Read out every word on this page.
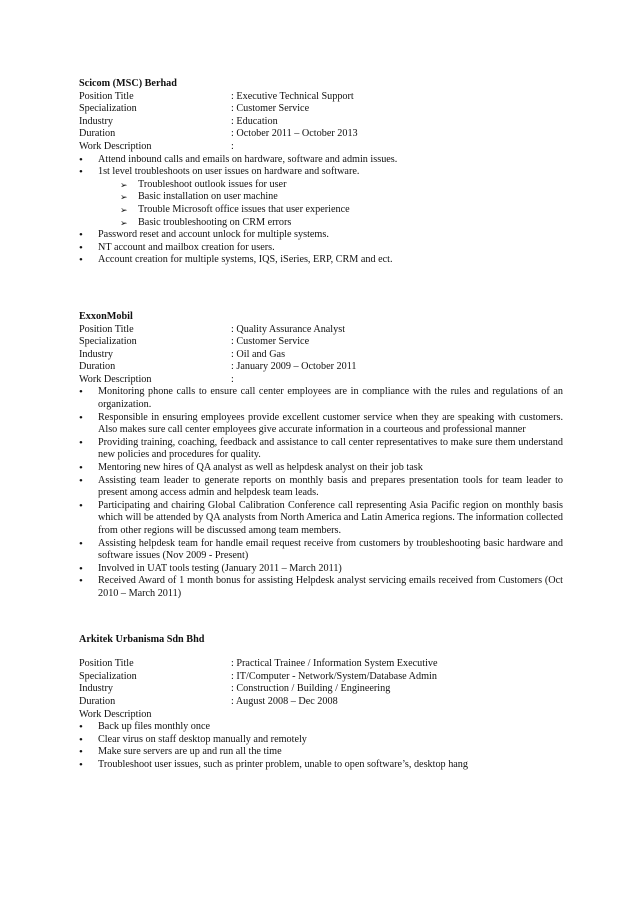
Scicom (MSC) Berhad
Position Title	: Executive Technical Support
Specialization	: Customer Service
Industry	: Education
Duration	: October 2011 – October 2013
Work Description	:
• Attend inbound calls and emails on hardware, software and admin issues.
• 1st level troubleshoots on user issues on hardware and software.
➢ Troubleshoot outlook issues for user
➢ Basic installation on user machine
➢ Trouble Microsoft office issues that user experience
➢ Basic troubleshooting on CRM errors
• Password reset and account unlock for multiple systems.
• NT account and mailbox creation for users.
• Account creation for multiple systems, IQS, iSeries, ERP, CRM and ect.
ExxonMobil
Position Title	: Quality Assurance Analyst
Specialization	: Customer Service
Industry	: Oil and Gas
Duration	: January 2009 – October 2011
Work Description	:
• Monitoring phone calls to ensure call center employees are in compliance with the rules and regulations of an organization.
• Responsible in ensuring employees provide excellent customer service when they are speaking with customers. Also makes sure call center employees give accurate information in a courteous and professional manner
• Providing training, coaching, feedback and assistance to call center representatives to make sure them understand new policies and procedures for quality.
• Mentoring new hires of QA analyst as well as helpdesk analyst on their job task
• Assisting team leader to generate reports on monthly basis and prepares presentation tools for team leader to present among access admin and helpdesk team leads.
• Participating and chairing Global Calibration Conference call representing Asia Pacific region on monthly basis which will be attended by QA analysts from North America and Latin America regions. The information collected from other regions will be discussed among team members.
• Assisting helpdesk team for handle email request receive from customers by troubleshooting basic hardware and software issues (Nov 2009 - Present)
• Involved in UAT tools testing (January 2011 – March 2011)
• Received Award of 1 month bonus for assisting Helpdesk analyst servicing emails received from Customers (Oct 2010 – March 2011)
Arkitek Urbanisma Sdn Bhd
Position Title	: Practical Trainee / Information System Executive
Specialization	: IT/Computer - Network/System/Database Admin
Industry	: Construction / Building / Engineering
Duration	: August 2008 – Dec 2008
Work Description
• Back up files monthly once
• Clear virus on staff desktop manually and remotely
• Make sure servers are up and run all the time
• Troubleshoot user issues, such as printer problem, unable to open software’s, desktop hang
